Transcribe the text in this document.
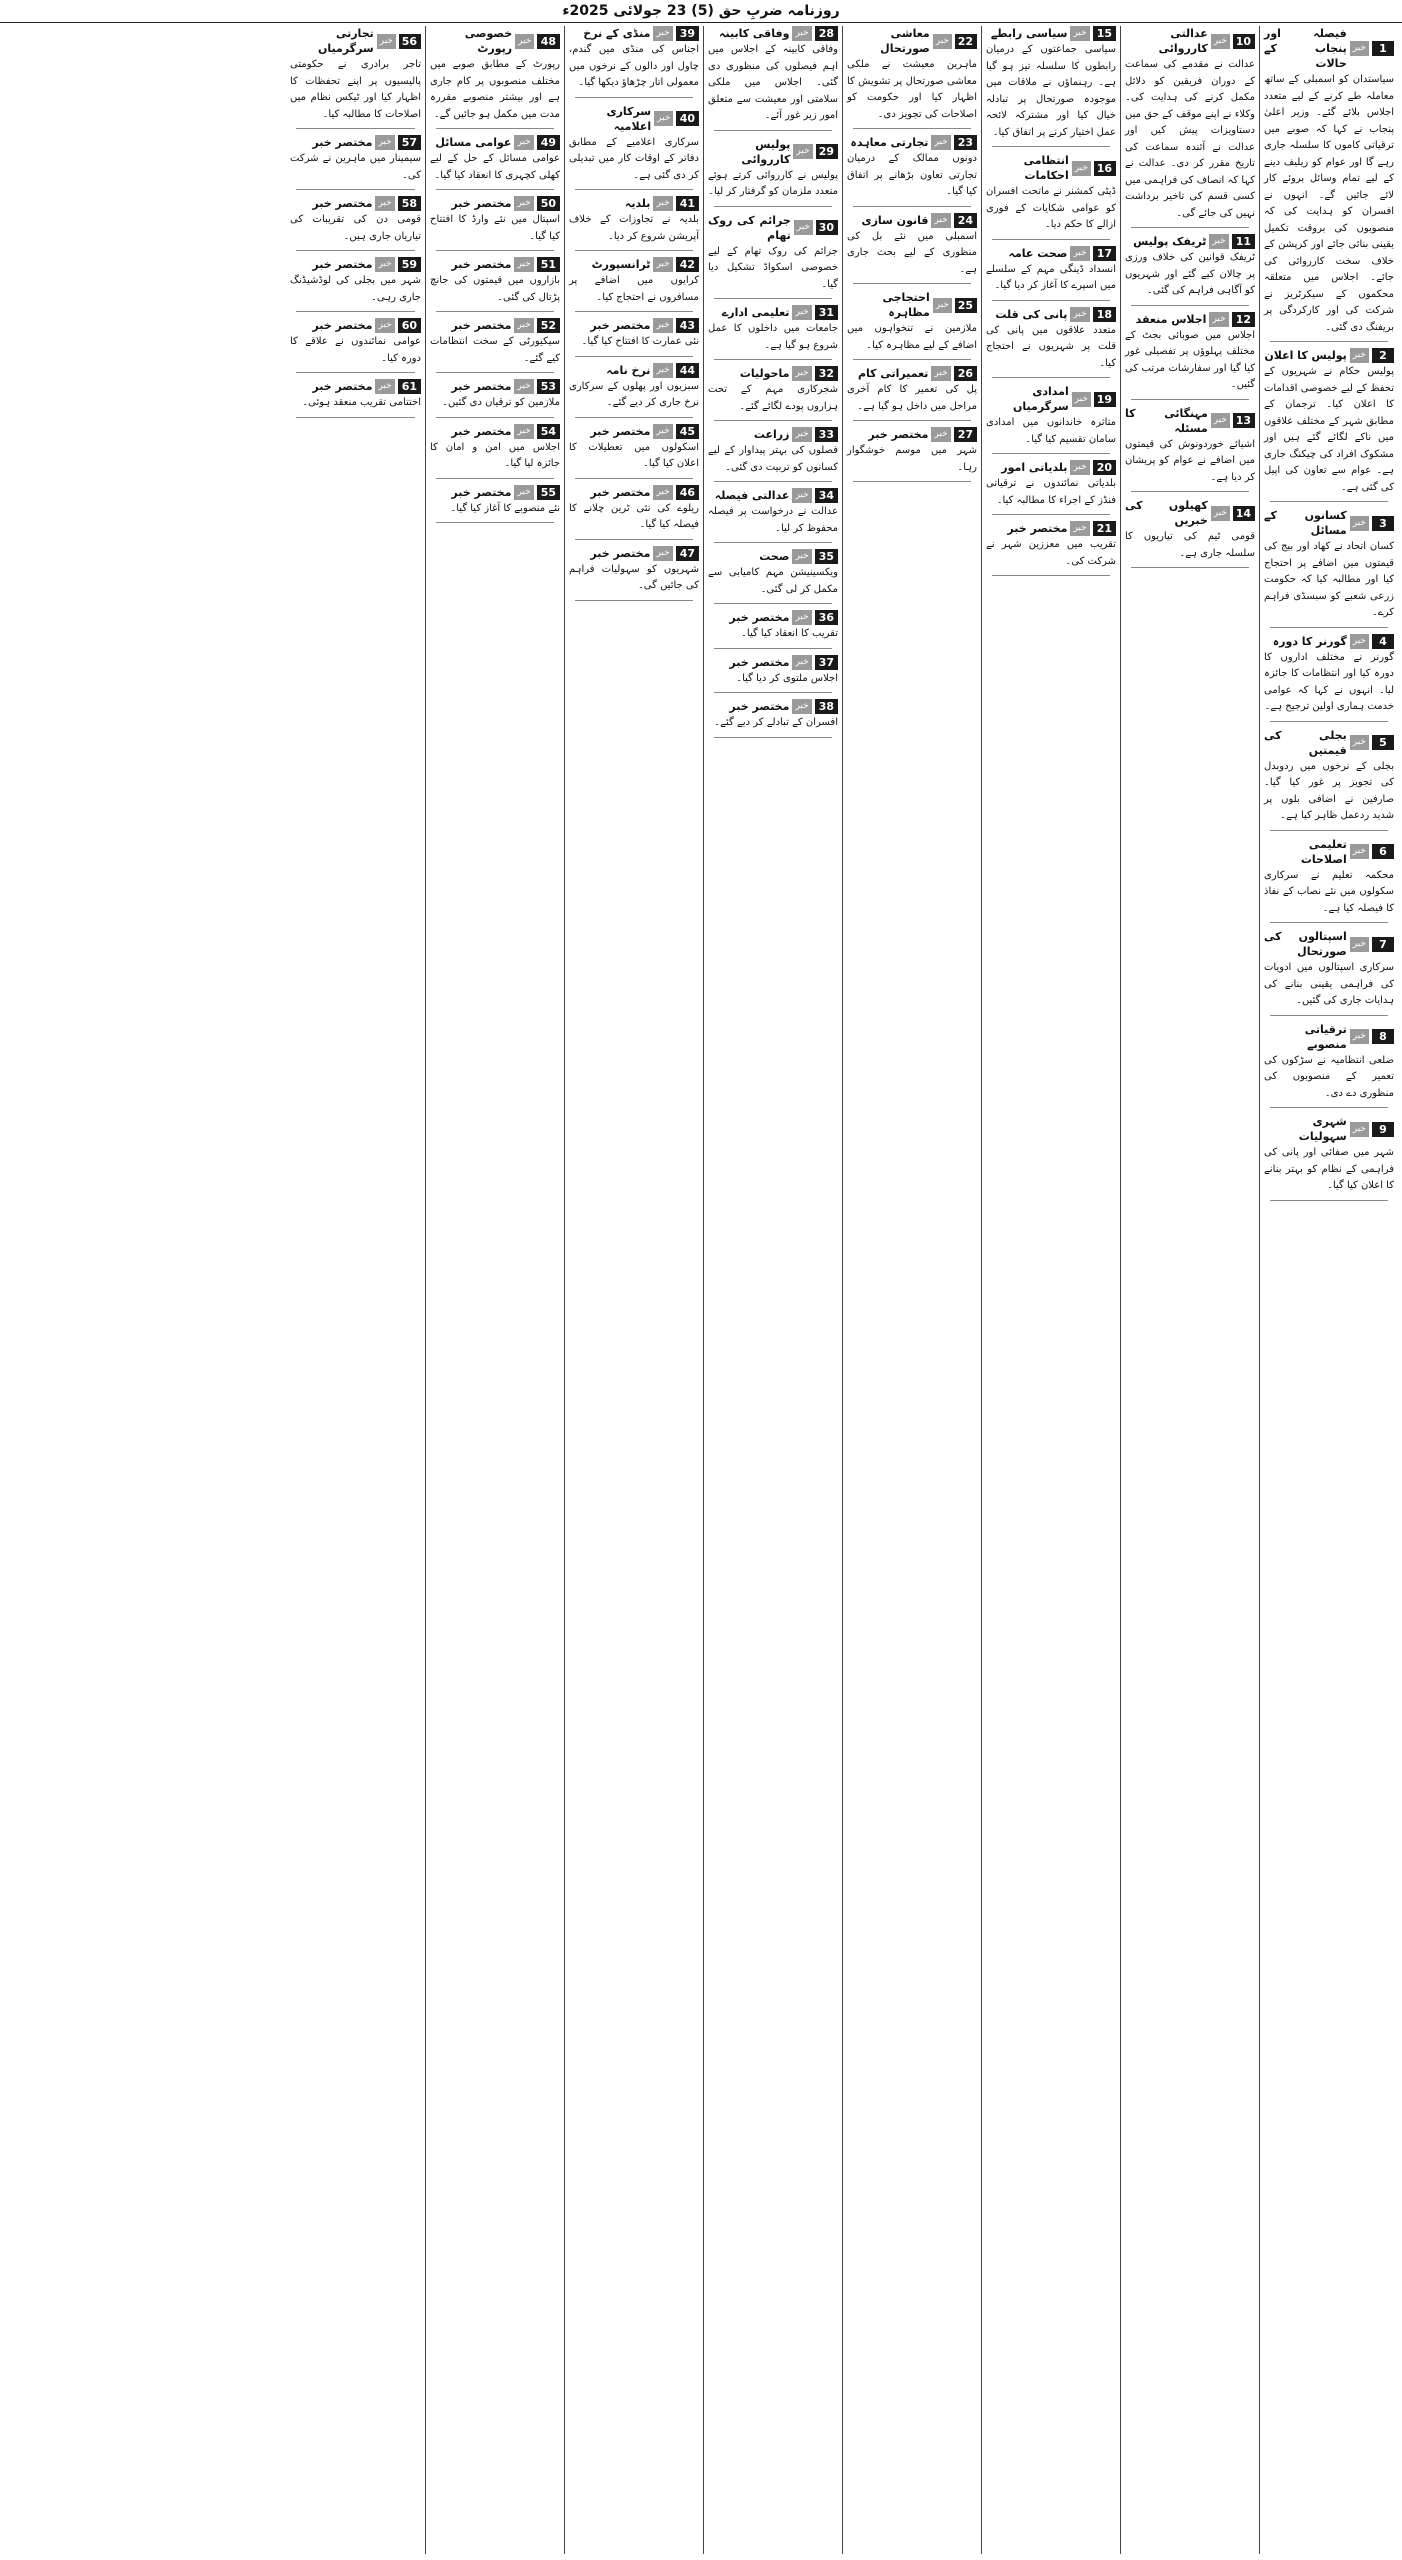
روزنامہ ضربِ حق (5) 23 جولائی 2025ء
1
خبر
فیصلہ اور پنجاب کے حالات

سیاستدان کو اسمبلی کے ساتھ معاملہ طے کرنے کے لیے متعدد اجلاس بلائے گئے۔ وزیر اعلیٰ پنجاب نے کہا کہ صوبے میں ترقیاتی کاموں کا سلسلہ جاری رہے گا اور عوام کو ریلیف دینے کے لیے تمام وسائل بروئے کار لائے جائیں گے۔ انہوں نے افسران کو ہدایت کی کہ منصوبوں کی بروقت تکمیل یقینی بنائی جائے اور کرپشن کے خلاف سخت کارروائی کی جائے۔ اجلاس میں متعلقہ محکموں کے سیکرٹریز نے شرکت کی اور کارکردگی پر بریفنگ دی گئی۔

2
خبر
پولیس کا اعلان

پولیس حکام نے شہریوں کے تحفظ کے لیے خصوصی اقدامات کا اعلان کیا۔ ترجمان کے مطابق شہر کے مختلف علاقوں میں ناکے لگائے گئے ہیں اور مشکوک افراد کی چیکنگ جاری ہے۔ عوام سے تعاون کی اپیل کی گئی ہے۔

3
خبر
کسانوں کے مسائل

کسان اتحاد نے کھاد اور بیج کی قیمتوں میں اضافے پر احتجاج کیا اور مطالبہ کیا کہ حکومت زرعی شعبے کو سبسڈی فراہم کرے۔

4
خبر
گورنر کا دورہ

گورنر نے مختلف اداروں کا دورہ کیا اور انتظامات کا جائزہ لیا۔ انہوں نے کہا کہ عوامی خدمت ہماری اولین ترجیح ہے۔

5
خبر
بجلی کی قیمتیں

بجلی کے نرخوں میں ردوبدل کی تجویز پر غور کیا گیا۔ صارفین نے اضافی بلوں پر شدید ردعمل ظاہر کیا ہے۔

6
خبر
تعلیمی اصلاحات

محکمہ تعلیم نے سرکاری سکولوں میں نئے نصاب کے نفاذ کا فیصلہ کیا ہے۔

7
خبر
اسپتالوں کی صورتحال

سرکاری اسپتالوں میں ادویات کی فراہمی یقینی بنانے کی ہدایات جاری کی گئیں۔

8
خبر
ترقیاتی منصوبے

ضلعی انتظامیہ نے سڑکوں کی تعمیر کے منصوبوں کی منظوری دے دی۔

9
خبر
شہری سہولیات

شہر میں صفائی اور پانی کی فراہمی کے نظام کو بہتر بنانے کا اعلان کیا گیا۔

10
خبر
عدالتی کارروائی

عدالت نے مقدمے کی سماعت کے دوران فریقین کو دلائل مکمل کرنے کی ہدایت کی۔ وکلاء نے اپنے موقف کے حق میں دستاویزات پیش کیں اور عدالت نے آئندہ سماعت کی تاریخ مقرر کر دی۔ عدالت نے کہا کہ انصاف کی فراہمی میں کسی قسم کی تاخیر برداشت نہیں کی جائے گی۔

11
خبر
ٹریفک پولیس

ٹریفک قوانین کی خلاف ورزی پر چالان کیے گئے اور شہریوں کو آگاہی فراہم کی گئی۔

12
خبر
اجلاس منعقد

اجلاس میں صوبائی بجٹ کے مختلف پہلوؤں پر تفصیلی غور کیا گیا اور سفارشات مرتب کی گئیں۔

13
خبر
مہنگائی کا مسئلہ

اشیائے خوردونوش کی قیمتوں میں اضافے نے عوام کو پریشان کر دیا ہے۔

14
خبر
کھیلوں کی خبریں

قومی ٹیم کی تیاریوں کا سلسلہ جاری ہے۔

15
خبر
سیاسی رابطے

سیاسی جماعتوں کے درمیان رابطوں کا سلسلہ تیز ہو گیا ہے۔ رہنماؤں نے ملاقات میں موجودہ صورتحال پر تبادلہ خیال کیا اور مشترکہ لائحہ عمل اختیار کرنے پر اتفاق کیا۔

16
خبر
انتظامی احکامات

ڈپٹی کمشنر نے ماتحت افسران کو عوامی شکایات کے فوری ازالے کا حکم دیا۔

17
خبر
صحت عامہ

انسداد ڈینگی مہم کے سلسلے میں اسپرے کا آغاز کر دیا گیا۔

18
خبر
پانی کی قلت

متعدد علاقوں میں پانی کی قلت پر شہریوں نے احتجاج کیا۔

19
خبر
امدادی سرگرمیاں

متاثرہ خاندانوں میں امدادی سامان تقسیم کیا گیا۔

20
خبر
بلدیاتی امور

بلدیاتی نمائندوں نے ترقیاتی فنڈز کے اجراء کا مطالبہ کیا۔

21
خبر
مختصر خبر

تقریب میں معززین شہر نے شرکت کی۔

22
خبر
معاشی صورتحال

ماہرین معیشت نے ملکی معاشی صورتحال پر تشویش کا اظہار کیا اور حکومت کو اصلاحات کی تجویز دی۔

23
خبر
تجارتی معاہدہ

دونوں ممالک کے درمیان تجارتی تعاون بڑھانے پر اتفاق کیا گیا۔

24
خبر
قانون سازی

اسمبلی میں نئے بل کی منظوری کے لیے بحث جاری ہے۔

25
خبر
احتجاجی مظاہرہ

ملازمین نے تنخواہوں میں اضافے کے لیے مظاہرہ کیا۔

26
خبر
تعمیراتی کام

پل کی تعمیر کا کام آخری مراحل میں داخل ہو گیا ہے۔

27
خبر
مختصر خبر

شہر میں موسم خوشگوار رہا۔

28
خبر
وفاقی کابینہ

وفاقی کابینہ کے اجلاس میں اہم فیصلوں کی منظوری دی گئی۔ اجلاس میں ملکی سلامتی اور معیشت سے متعلق امور زیر غور آئے۔

29
خبر
پولیس کارروائی

پولیس نے کارروائی کرتے ہوئے متعدد ملزمان کو گرفتار کر لیا۔

30
خبر
جرائم کی روک تھام

جرائم کی روک تھام کے لیے خصوصی اسکواڈ تشکیل دیا گیا۔

31
خبر
تعلیمی ادارے

جامعات میں داخلوں کا عمل شروع ہو گیا ہے۔

32
خبر
ماحولیات

شجرکاری مہم کے تحت ہزاروں پودے لگائے گئے۔

33
خبر
زراعت

فصلوں کی بہتر پیداوار کے لیے کسانوں کو تربیت دی گئی۔

34
خبر
عدالتی فیصلہ

عدالت نے درخواست پر فیصلہ محفوظ کر لیا۔

35
خبر
صحت

ویکسینیشن مہم کامیابی سے مکمل کر لی گئی۔

36
خبر
مختصر خبر

تقریب کا انعقاد کیا گیا۔

37
خبر
مختصر خبر

اجلاس ملتوی کر دیا گیا۔

38
خبر
مختصر خبر

افسران کے تبادلے کر دیے گئے۔

39
خبر
منڈی کے نرخ

اجناس کی منڈی میں گندم، چاول اور دالوں کے نرخوں میں معمولی اتار چڑھاؤ دیکھا گیا۔

40
خبر
سرکاری اعلامیہ

سرکاری اعلامیے کے مطابق دفاتر کے اوقات کار میں تبدیلی کر دی گئی ہے۔

41
خبر
بلدیہ

بلدیہ نے تجاوزات کے خلاف آپریشن شروع کر دیا۔

42
خبر
ٹرانسپورٹ

کرایوں میں اضافے پر مسافروں نے احتجاج کیا۔

43
خبر
مختصر خبر

نئی عمارت کا افتتاح کیا گیا۔

44
خبر
نرخ نامہ

سبزیوں اور پھلوں کے سرکاری نرخ جاری کر دیے گئے۔

45
خبر
مختصر خبر

اسکولوں میں تعطیلات کا اعلان کیا گیا۔

46
خبر
مختصر خبر

ریلوے کی نئی ٹرین چلانے کا فیصلہ کیا گیا۔

47
خبر
مختصر خبر

شہریوں کو سہولیات فراہم کی جائیں گی۔

48
خبر
خصوصی رپورٹ

رپورٹ کے مطابق صوبے میں مختلف منصوبوں پر کام جاری ہے اور بیشتر منصوبے مقررہ مدت میں مکمل ہو جائیں گے۔

49
خبر
عوامی مسائل

عوامی مسائل کے حل کے لیے کھلی کچہری کا انعقاد کیا گیا۔

50
خبر
مختصر خبر

اسپتال میں نئے وارڈ کا افتتاح کیا گیا۔

51
خبر
مختصر خبر

بازاروں میں قیمتوں کی جانچ پڑتال کی گئی۔

52
خبر
مختصر خبر

سیکیورٹی کے سخت انتظامات کیے گئے۔

53
خبر
مختصر خبر

ملازمین کو ترقیاں دی گئیں۔

54
خبر
مختصر خبر

اجلاس میں امن و امان کا جائزہ لیا گیا۔

55
خبر
مختصر خبر

نئے منصوبے کا آغاز کیا گیا۔

56
خبر
تجارتی سرگرمیاں

تاجر برادری نے حکومتی پالیسیوں پر اپنے تحفظات کا اظہار کیا اور ٹیکس نظام میں اصلاحات کا مطالبہ کیا۔

57
خبر
مختصر خبر

سیمینار میں ماہرین نے شرکت کی۔

58
خبر
مختصر خبر

قومی دن کی تقریبات کی تیاریاں جاری ہیں۔

59
خبر
مختصر خبر

شہر میں بجلی کی لوڈشیڈنگ جاری رہی۔

60
خبر
مختصر خبر

عوامی نمائندوں نے علاقے کا دورہ کیا۔

61
خبر
مختصر خبر

اختتامی تقریب منعقد ہوئی۔
